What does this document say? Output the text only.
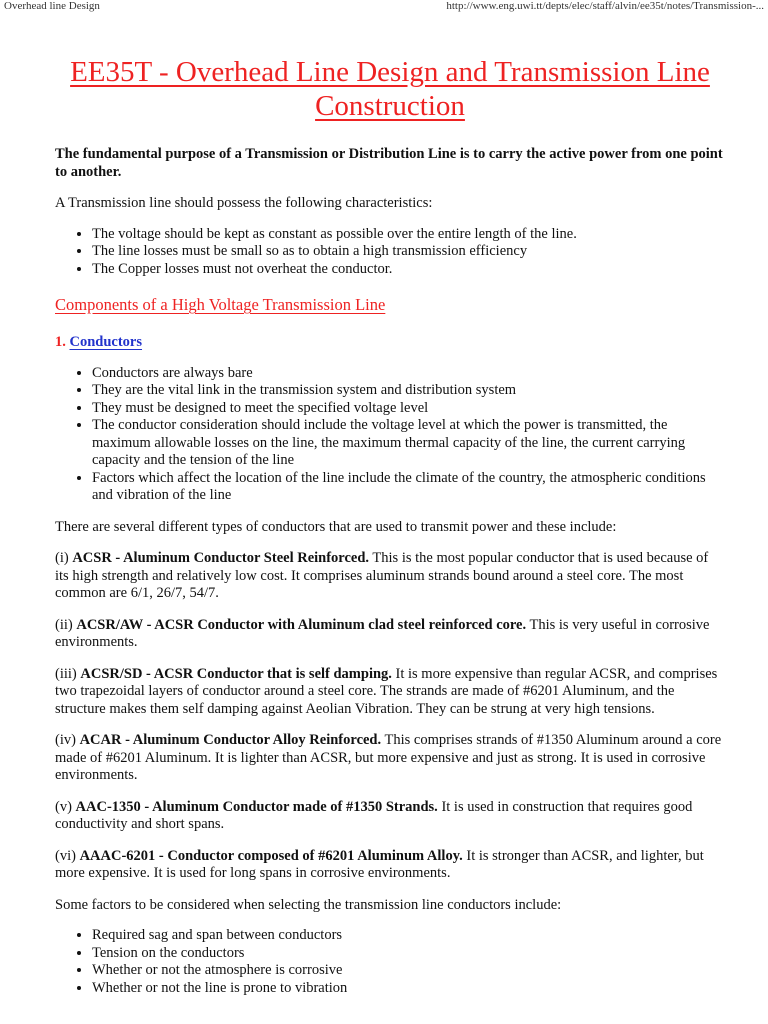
Overhead line Design	http://www.eng.uwi.tt/depts/elec/staff/alvin/ee35t/notes/Transmission-...
EE35T - Overhead Line Design and Transmission Line Construction

The fundamental purpose of a Transmission or Distribution Line is to carry the active power from one point to another.

A Transmission line should possess the following characteristics:

• The voltage should be kept as constant as possible over the entire length of the line.
• The line losses must be small so as to obtain a high transmission efficiency
• The Copper losses must not overheat the conductor.
Components of a High Voltage Transmission Line
1. Conductors
• Conductors are always bare
• They are the vital link in the transmission system and distribution system
• They must be designed to meet the specified voltage level
• The conductor consideration should include the voltage level at which the power is transmitted, the maximum allowable losses on the line, the maximum thermal capacity of the line, the current carrying capacity and the tension of the line
• Factors which affect the location of the line include the climate of the country, the atmospheric conditions and vibration of the line

There are several different types of conductors that are used to transmit power and these include:

(i) ACSR - Aluminum Conductor Steel Reinforced. This is the most popular conductor that is used because of its high strength and relatively low cost. It comprises aluminum strands bound around a steel core. The most common are 6/1, 26/7, 54/7.

(ii) ACSR/AW - ACSR Conductor with Aluminum clad steel reinforced core. This is very useful in corrosive environments.

(iii) ACSR/SD - ACSR Conductor that is self damping. It is more expensive than regular ACSR, and comprises two trapezoidal layers of conductor around a steel core. The strands are made of #6201 Aluminum, and the structure makes them self damping against Aeolian Vibration. They can be strung at very high tensions.

(iv) ACAR - Aluminum Conductor Alloy Reinforced. This comprises strands of #1350 Aluminum around a core made of #6201 Aluminum. It is lighter than ACSR, but more expensive and just as strong. It is used in corrosive environments.

(v) AAC-1350 - Aluminum Conductor made of #1350 Strands. It is used in construction that requires good conductivity and short spans.

(vi) AAAC-6201 - Conductor composed of #6201 Aluminum Alloy. It is stronger than ACSR, and lighter, but more expensive. It is used for long spans in corrosive environments.

Some factors to be considered when selecting the transmission line conductors include:

• Required sag and span between conductors
• Tension on the conductors
• Whether or not the atmosphere is corrosive
• Whether or not the line is prone to vibration
